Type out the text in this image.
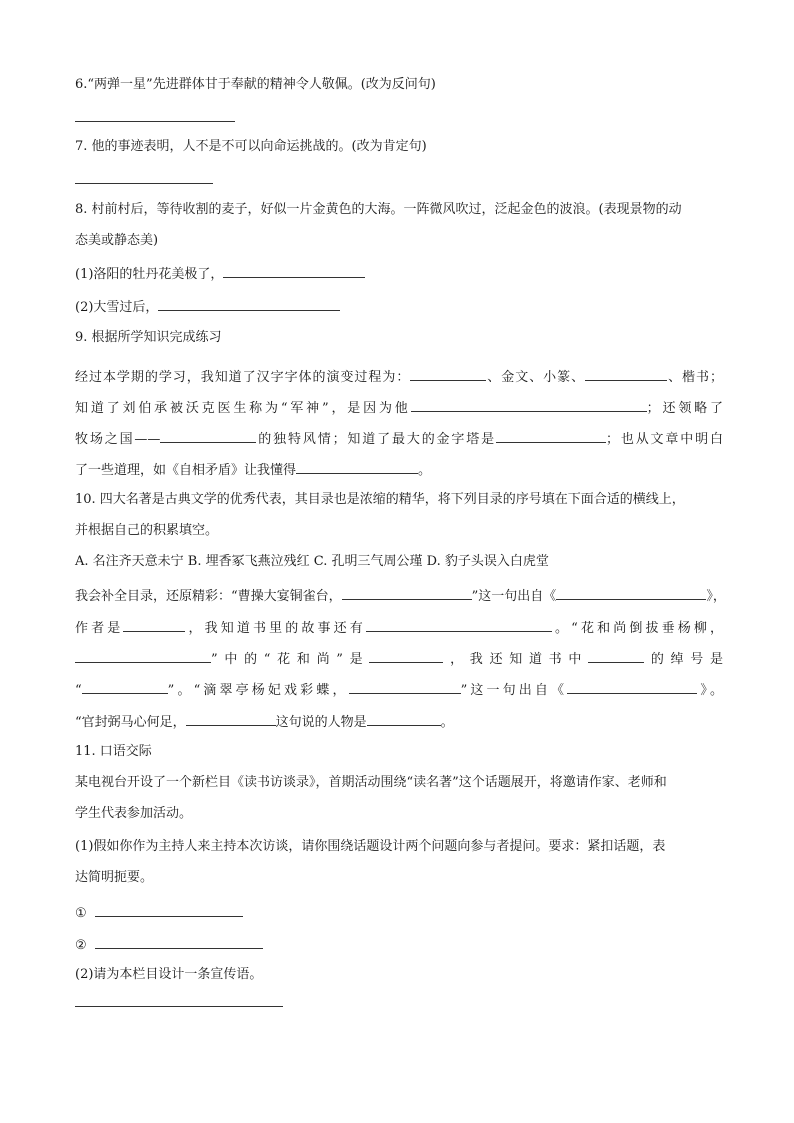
6.“两弹一星”先进群体甘于奉献的精神令人敬佩。(改为反问句)
7. 他的事迹表明，人不是不可以向命运挑战的。(改为肯定句)
8. 村前村后，等待收割的麦子，好似一片金黄色的大海。一阵微风吹过，泛起金色的波浪。(表现景物的动
态美或静态美)
(1)洛阳的牡丹花美极了，
(2)大雪过后，
9. 根据所学知识完成练习
经过本学期的学习，我知道了汉字字体的演变过程为：	、金文、小篆、	、楷书；
知道了刘伯承被沃克医生称为“军神”，是因为他	；还领略了
牧场之国——	的独特风情；知道了最大的金字塔是	；也从文章中明白
了一些道理，如《自相矛盾》让我懂得	。
10. 四大名著是古典文学的优秀代表，其目录也是浓缩的精华，将下列目录的序号填在下面合适的横线上，
并根据自己的积累填空。
A. 名注齐天意未宁 B. 埋香冢飞燕泣残红 C. 孔明三气周公瑾 D. 豹子头误入白虎堂
我会补全目录，还原精彩：“曹操大宴铜雀台，	”这一句出自《	》，
作者是	，我知道书里的故事还有	。“花和尚倒拔垂杨柳，
”中的“花和尚”是	，我还知道书中	的绰号是
“	”。“滴翠亭杨妃戏彩蝶，	”这一句出自《	》。
“官封弼马心何足，	这句说的人物是	。
11. 口语交际
某电视台开设了一个新栏目《读书访谈录》，首期活动围绕“读名著”这个话题展开，将邀请作家、老师和
学生代表参加活动。
(1)假如你作为主持人来主持本次访谈，请你围绕话题设计两个问题向参与者提问。要求：紧扣话题，表
达简明扼要。
①
②
(2)请为本栏目设计一条宣传语。
